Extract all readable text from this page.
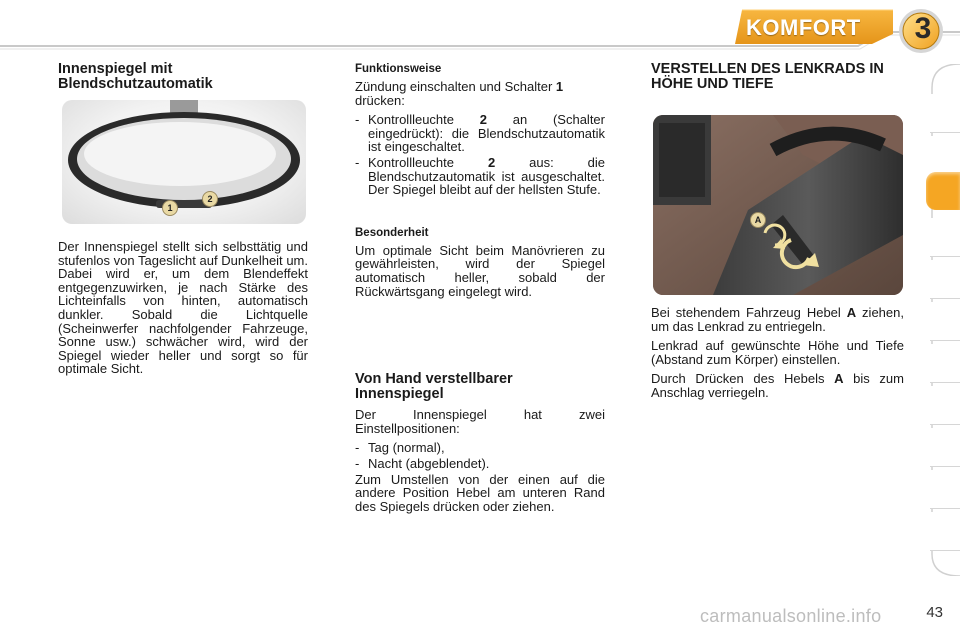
KOMFORT	3
Innenspiegel mit Blendschutzautomatik
1
2

Der Innenspiegel stellt sich selbsttätig und stufenlos von Tageslicht auf Dunkelheit um. Dabei wird er, um dem Blendeffekt entgegenzuwirken, je nach Stärke des Lichteinfalls von hinten, automatisch dunkler. Sobald die Lichtquelle (Scheinwerfer nachfolgender Fahrzeuge, Sonne usw.) schwächer wird, wird der Spiegel wieder heller und sorgt so für optimale Sicht.

Funktionsweise

Zündung einschalten und Schalter 1 drücken:

- Kontrollleuchte 2 an (Schalter eingedrückt): die Blendschutzautomatik ist eingeschaltet.
- Kontrollleuchte 2 aus: die Blendschutzautomatik ist ausgeschaltet. Der Spiegel bleibt auf der hellsten Stufe.
Besonderheit

Um optimale Sicht beim Manövrieren zu gewährleisten, wird der Spiegel automatisch heller, sobald der Rückwärtsgang eingelegt wird.

Von Hand verstellbarer Innenspiegel

Der Innenspiegel hat zwei Einstellpositionen:

- Tag (normal),
- Nacht (abgeblendet).

Zum Umstellen von der einen auf die andere Position Hebel am unteren Rand des Spiegels drücken oder ziehen.

VERSTELLEN DES LENKRADS IN HÖHE UND TIEFE
A

Bei stehendem Fahrzeug Hebel A ziehen, um das Lenkrad zu entriegeln.

Lenkrad auf gewünschte Höhe und Tiefe (Abstand zum Körper) einstellen.

Durch Drücken des Hebels A bis zum Anschlag verriegeln.

carmanualsonline.info	43
